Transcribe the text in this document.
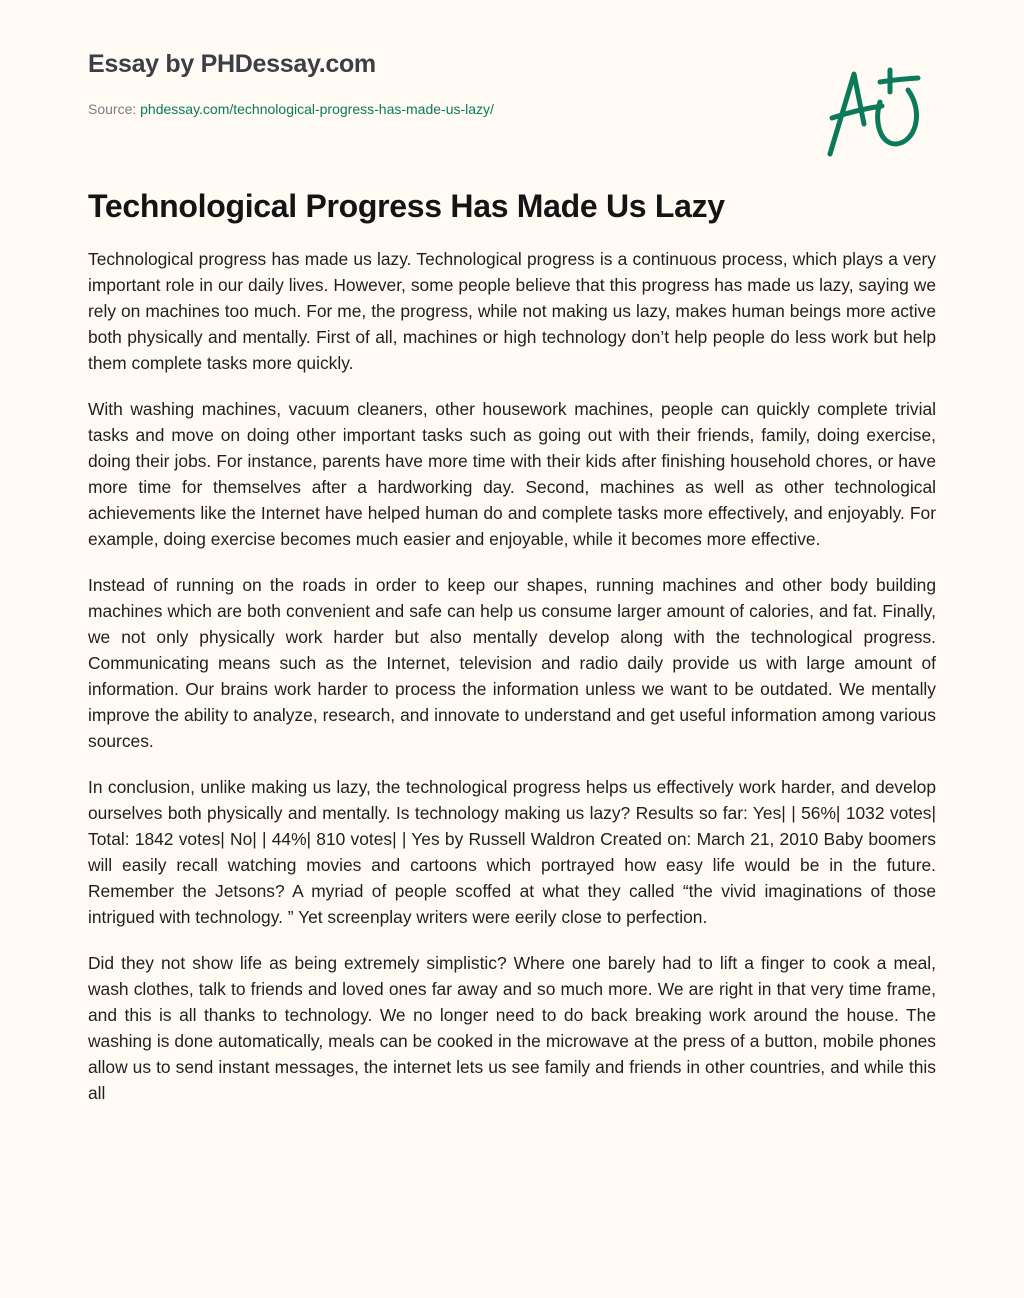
Essay by PHDessay.com
Source: phdessay.com/technological-progress-has-made-us-lazy/
Technological Progress Has Made Us Lazy

Technological progress has made us lazy. Technological progress is a continuous process, which plays a very important role in our daily lives. However, some people believe that this progress has made us lazy, saying we rely on machines too much. For me, the progress, while not making us lazy, makes human beings more active both physically and mentally. First of all, machines or high technology don’t help people do less work but help them complete tasks more quickly.

With washing machines, vacuum cleaners, other housework machines, people can quickly complete trivial tasks and move on doing other important tasks such as going out with their friends, family, doing exercise, doing their jobs. For instance, parents have more time with their kids after finishing household chores, or have more time for themselves after a hardworking day. Second, machines as well as other technological achievements like the Internet have helped human do and complete tasks more effectively, and enjoyably. For example, doing exercise becomes much easier and enjoyable, while it becomes more effective.

Instead of running on the roads in order to keep our shapes, running machines and other body building machines which are both convenient and safe can help us consume larger amount of calories, and fat. Finally, we not only physically work harder but also mentally develop along with the technological progress. Communicating means such as the Internet, television and radio daily provide us with large amount of information. Our brains work harder to process the information unless we want to be outdated. We mentally improve the ability to analyze, research, and innovate to understand and get useful information among various sources.

In conclusion, unlike making us lazy, the technological progress helps us effectively work harder, and develop ourselves both physically and mentally. Is technology making us lazy? Results so far: Yes| | 56%| 1032 votes| Total: 1842 votes| No| | 44%| 810 votes| | Yes by Russell Waldron Created on: March 21, 2010 Baby boomers will easily recall watching movies and cartoons which portrayed how easy life would be in the future. Remember the Jetsons? A myriad of people scoffed at what they called “the vivid imaginations of those intrigued with technology. ” Yet screenplay writers were eerily close to perfection.

Did they not show life as being extremely simplistic? Where one barely had to lift a finger to cook a meal, wash clothes, talk to friends and loved ones far away and so much more. We are right in that very time frame, and this is all thanks to technology. We no longer need to do back breaking work around the house. The washing is done automatically, meals can be cooked in the microwave at the press of a button, mobile phones allow us to send instant messages, the internet lets us see family and friends in other countries, and while this all
